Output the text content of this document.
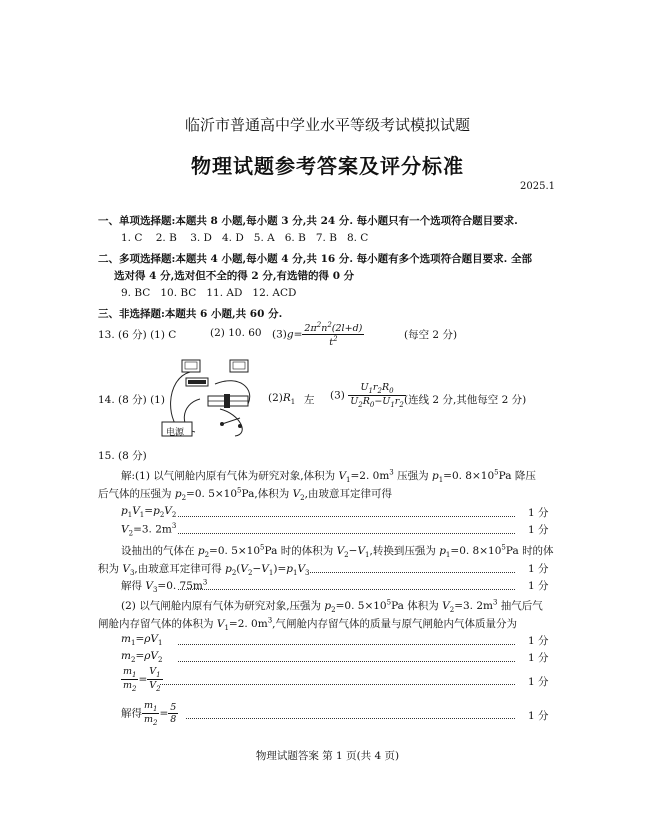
临沂市普通高中学业水平等级考试模拟试题
物理试题参考答案及评分标准
2025.1
一、单项选择题:本题共 8 小题,每小题 3 分,共 24 分. 每小题只有一个选项符合题目要求.
1. C 2. B 3. D 4. D 5. A 6. B 7. B 8. C
二、多项选择题:本题共 4 小题,每小题 4 分,共 16 分. 每小题有多个选项符合题目要求. 全部
选对得 4 分,选对但不全的得 2 分,有选错的得 0 分
9. BC 10. BC 11. AD 12. ACD
三、非选择题:本题共 6 小题,共 60 分.
13. (6 分) (1) C	(2) 10. 60 $(3)g= \frac{2\pi^2n^2(2l+d)}{t^2}$	(每空 2 分)
14. (8 分) (1)
电源
$(2)R_1$ 左 $(3) \frac{U_1r_2R_0}{U_2R_0-U_1r_2}$
(连线 2 分,其他每空 2 分)
15. (8 分)
解:(1) 以气闸舱内原有气体为研究对象,体积为 $V_1=2$. $0m^3$ 压强为 $p_1=0$. $8\times 10^5Pa$ 降压
后气体的压强为 $p_2=0$. $5\times 10^5Pa$,体积为 $V_2$,由玻意耳定律可得
$p_1V_1=p_2V_2$	1 分
$V_2=3$. $2m^3$	1 分
设抽出的气体在 $p_2=0$. $5\times 10^5Pa$ 时的体积为 $V_2-V_1$,转换到压强为 $p_1=0$. $8\times 10^5Pa$ 时的体
积为 $V_3$,由玻意耳定律可得 $p_2(V_2-V_1)=p_1V_3$	1 分
解得 $V_3=0$. $75m^3$	1 分
(2) 以气闸舱内原有气体为研究对象,压强为 $p_2=0$. $5\times 10^5Pa$ 体积为 $V_2=3$. $2m^3$ 抽气后气
闸舱内存留气体的体积为 $V_1=2$. $0m^3$,气闸舱内存留气体的质量与原气闸舱内气体质量分为
$m_1=\rho V_1$	1 分
$m_2=\rho V_2$	1 分
$\frac{m_1}{m_2} = \frac{V_1}{V_2}$	1 分
解得 $\frac{m_1}{m_2} = \frac{5}{8}$	1 分
物理试题答案 第 1 页(共 4 页)
